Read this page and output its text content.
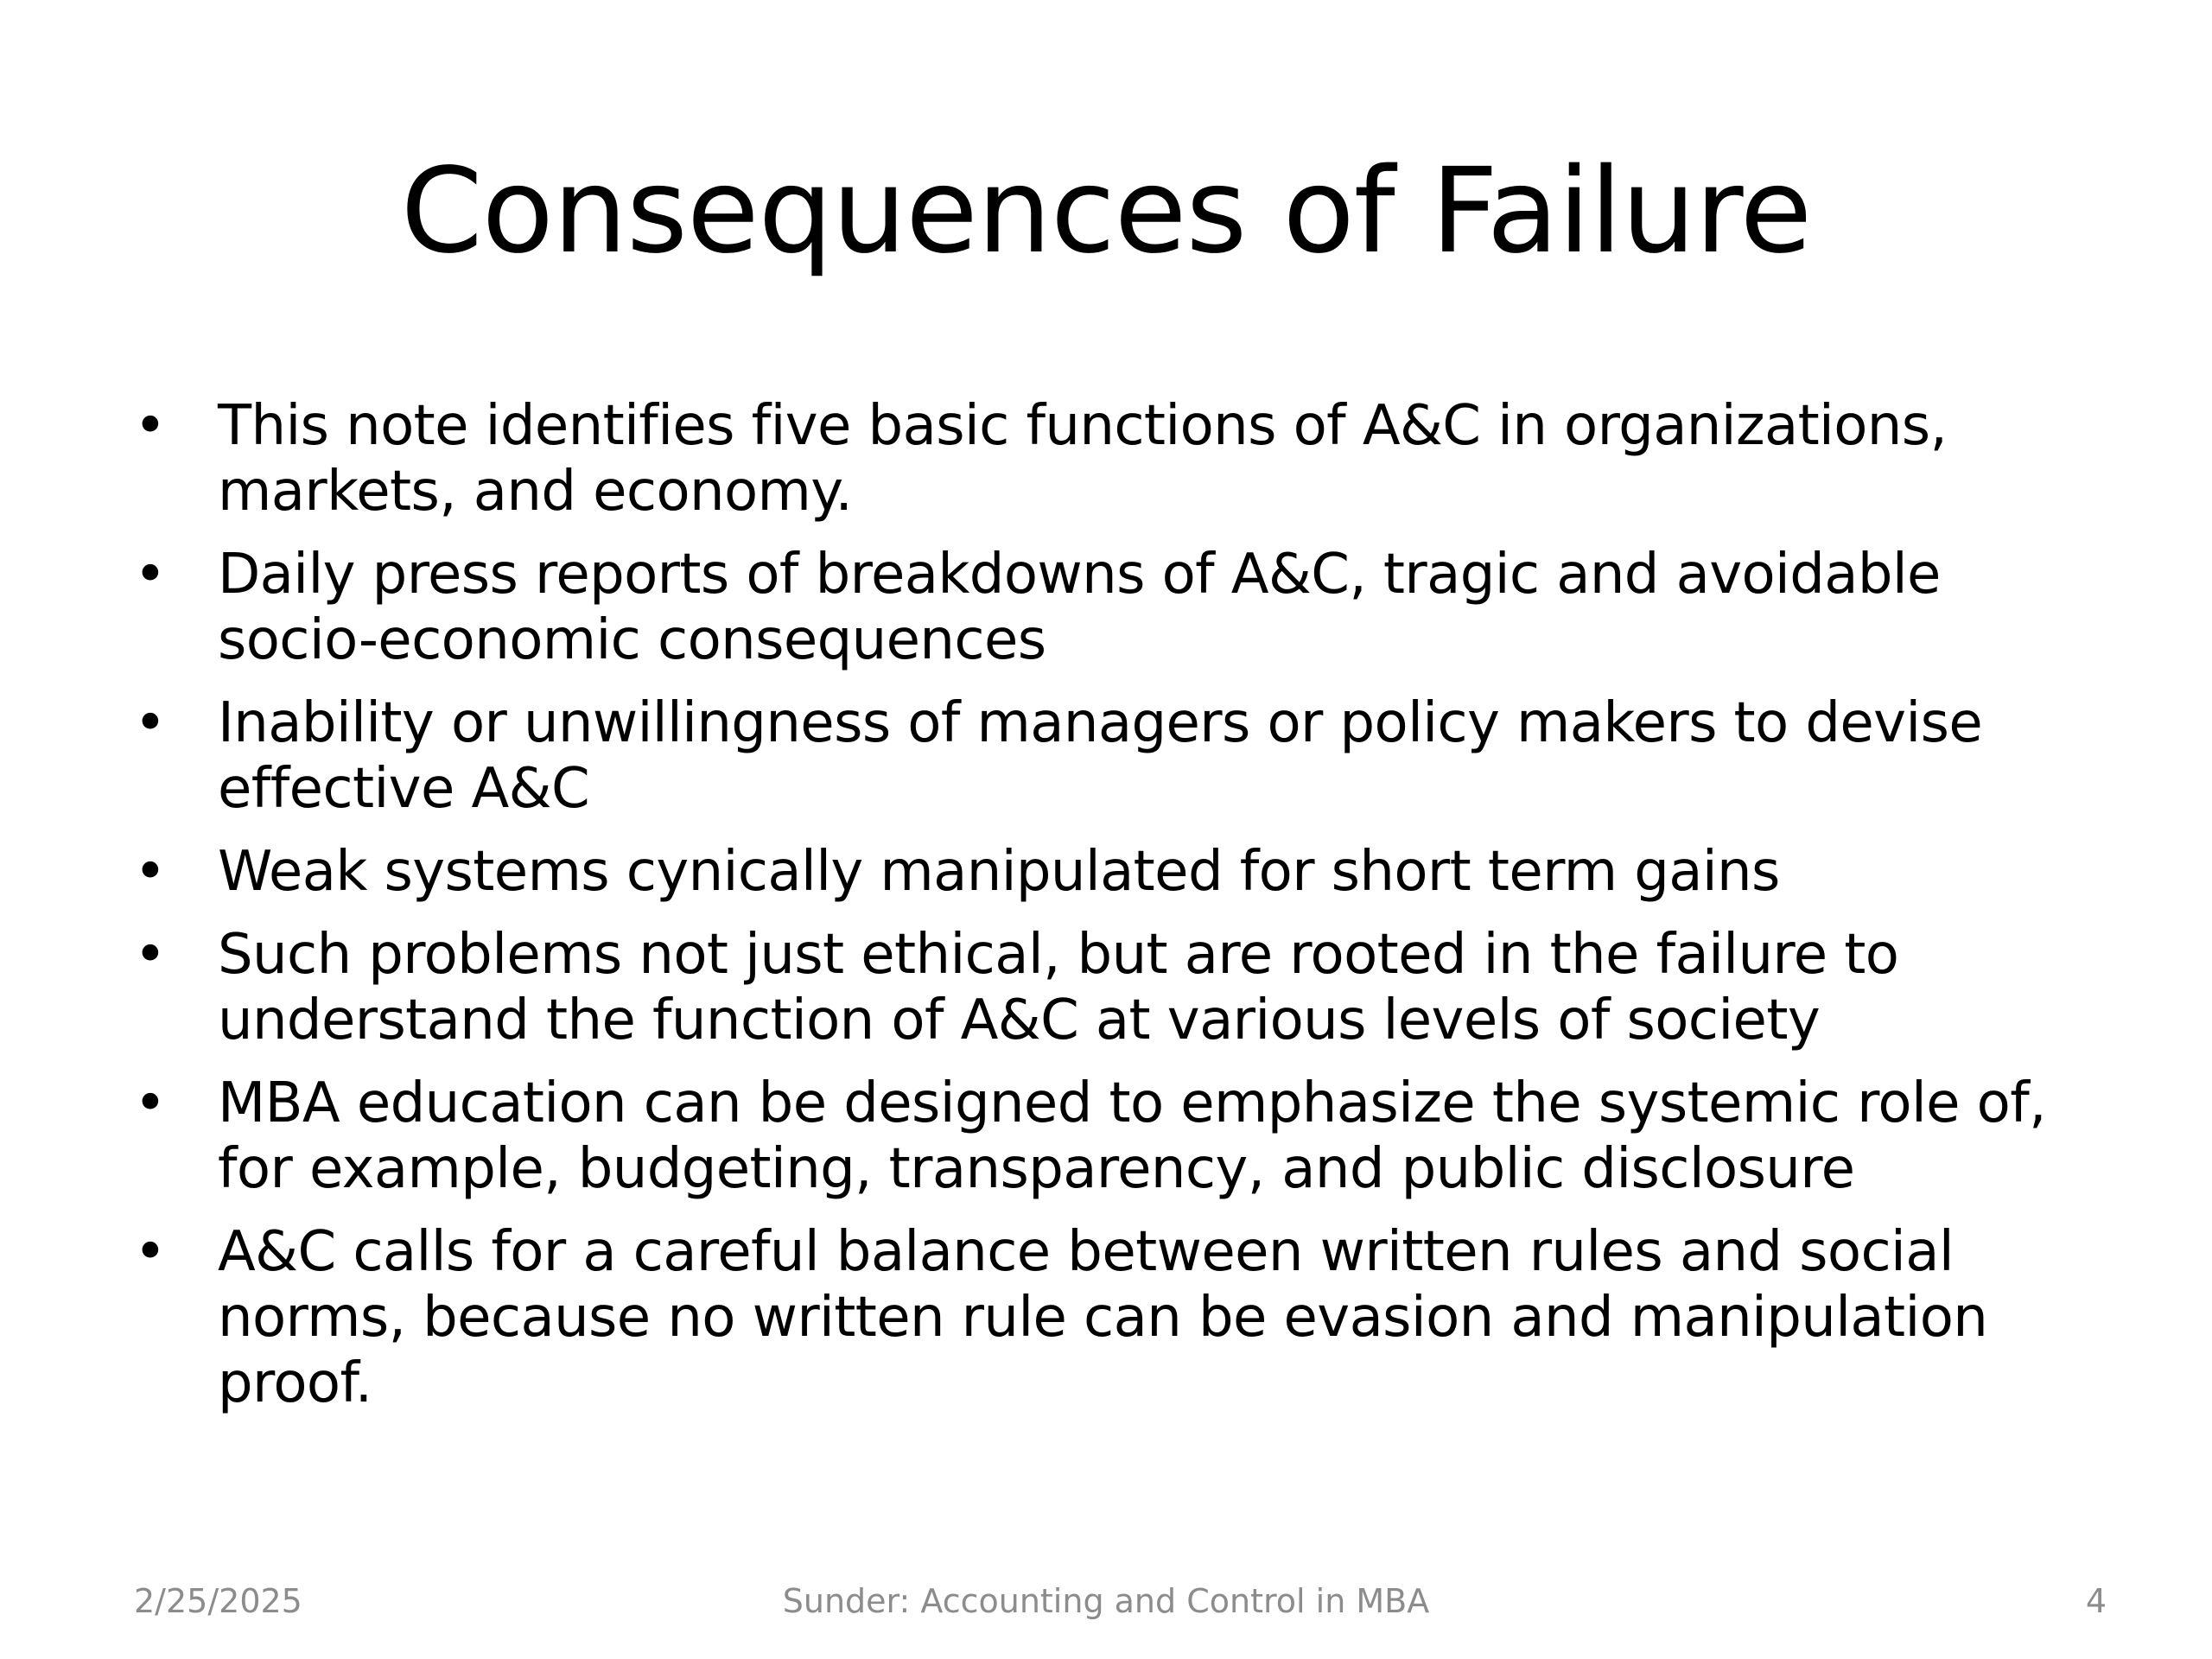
Consequences of Failure
• This note identifies five basic functions of A&C in organizations, markets, and economy.
• Daily press reports of breakdowns of A&C, tragic and avoidable socio-economic consequences
• Inability or unwillingness of managers or policy makers to devise effective A&C
• Weak systems cynically manipulated for short term gains
• Such problems not just ethical, but are rooted in the failure to understand the function of A&C at various levels of society
• MBA education can be designed to emphasize the systemic role of, for example, budgeting, transparency, and public disclosure
• A&C calls for a careful balance between written rules and social norms, because no written rule can be evasion and manipulation proof.
2/25/2025	Sunder: Accounting and Control in MBA	4
